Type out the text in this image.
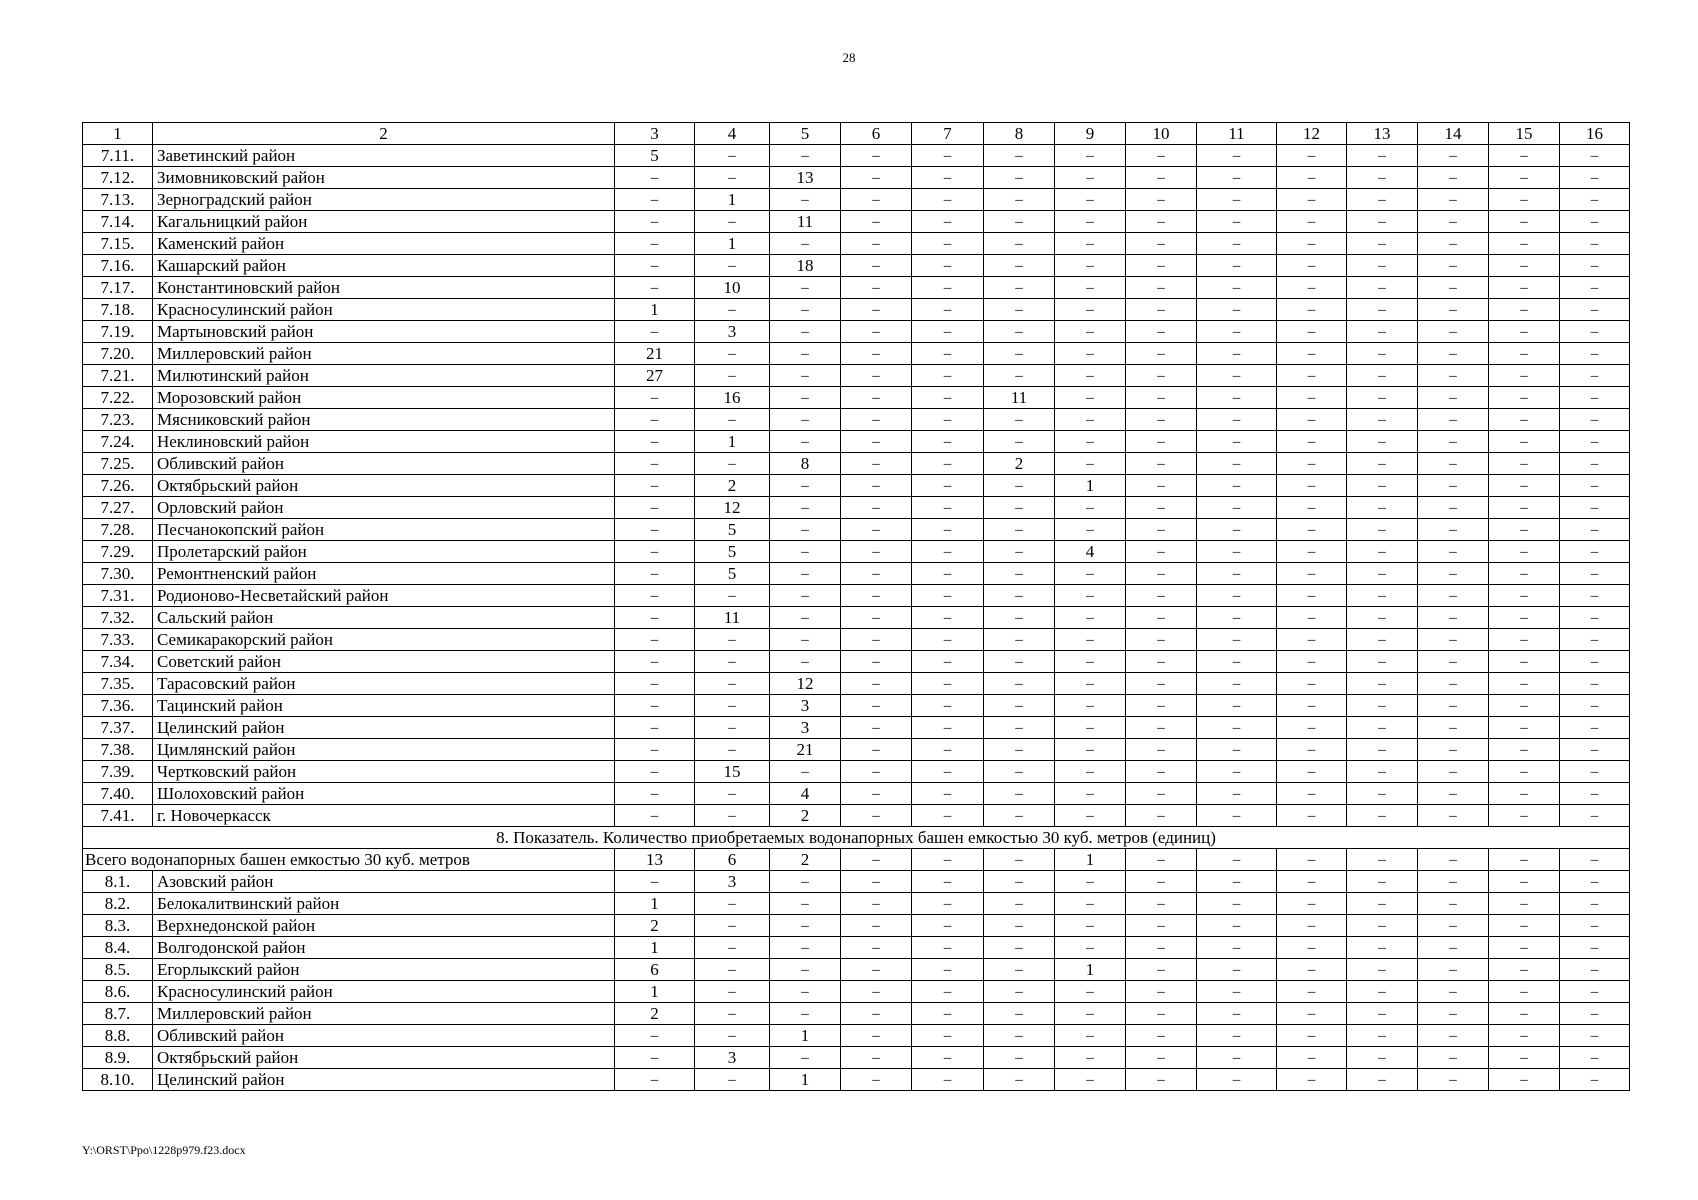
28
1	2	3	4	5	6	7	8	9	10	11	12	13	14	15	16
7.11.	Заветинский район	5	–	–	–	–	–	–	–	–	–	–	–	–	–
7.12.	Зимовниковский район	–	–	13	–	–	–	–	–	–	–	–	–	–	–
7.13.	Зерноградский район	–	1	–	–	–	–	–	–	–	–	–	–	–	–
7.14.	Кагальницкий район	–	–	11	–	–	–	–	–	–	–	–	–	–	–
7.15.	Каменский район	–	1	–	–	–	–	–	–	–	–	–	–	–	–
7.16.	Кашарский район	–	–	18	–	–	–	–	–	–	–	–	–	–	–
7.17.	Константиновский район	–	10	–	–	–	–	–	–	–	–	–	–	–	–
7.18.	Красносулинский район	1	–	–	–	–	–	–	–	–	–	–	–	–	–
7.19.	Мартыновский район	–	3	–	–	–	–	–	–	–	–	–	–	–	–
7.20.	Миллеровский район	21	–	–	–	–	–	–	–	–	–	–	–	–	–
7.21.	Милютинский район	27	–	–	–	–	–	–	–	–	–	–	–	–	–
7.22.	Морозовский район	–	16	–	–	–	11	–	–	–	–	–	–	–	–
7.23.	Мясниковский район	–	–	–	–	–	–	–	–	–	–	–	–	–	–
7.24.	Неклиновский район	–	1	–	–	–	–	–	–	–	–	–	–	–	–
7.25.	Обливский район	–	–	8	–	–	2	–	–	–	–	–	–	–	–
7.26.	Октябрьский район	–	2	–	–	–	–	1	–	–	–	–	–	–	–
7.27.	Орловский район	–	12	–	–	–	–	–	–	–	–	–	–	–	–
7.28.	Песчанокопский район	–	5	–	–	–	–	–	–	–	–	–	–	–	–
7.29.	Пролетарский район	–	5	–	–	–	–	4	–	–	–	–	–	–	–
7.30.	Ремонтненский район	–	5	–	–	–	–	–	–	–	–	–	–	–	–
7.31.	Родионово-Несветайский район	–	–	–	–	–	–	–	–	–	–	–	–	–	–
7.32.	Сальский район	–	11	–	–	–	–	–	–	–	–	–	–	–	–
7.33.	Семикаракорский район	–	–	–	–	–	–	–	–	–	–	–	–	–	–
7.34.	Советский район	–	–	–	–	–	–	–	–	–	–	–	–	–	–
7.35.	Тарасовский район	–	–	12	–	–	–	–	–	–	–	–	–	–	–
7.36.	Тацинский район	–	–	3	–	–	–	–	–	–	–	–	–	–	–
7.37.	Целинский район	–	–	3	–	–	–	–	–	–	–	–	–	–	–
7.38.	Цимлянский район	–	–	21	–	–	–	–	–	–	–	–	–	–	–
7.39.	Чертковский район	–	15	–	–	–	–	–	–	–	–	–	–	–	–
7.40.	Шолоховский район	–	–	4	–	–	–	–	–	–	–	–	–	–	–
7.41.	г. Новочеркасск	–	–	2	–	–	–	–	–	–	–	–	–	–	–
8. Показатель. Количество приобретаемых водонапорных башен емкостью 30 куб. метров (единиц)															
Всего водонапорных башен емкостью 30 куб. метров		13	6	2	–	–	–	1	–	–	–	–	–	–	–
8.1.	Азовский район	–	3	–	–	–	–	–	–	–	–	–	–	–	–
8.2.	Белокалитвинский район	1	–	–	–	–	–	–	–	–	–	–	–	–	–
8.3.	Верхнедонской район	2	–	–	–	–	–	–	–	–	–	–	–	–	–
8.4.	Волгодонской район	1	–	–	–	–	–	–	–	–	–	–	–	–	–
8.5.	Егорлыкский район	6	–	–	–	–	–	1	–	–	–	–	–	–	–
8.6.	Красносулинский район	1	–	–	–	–	–	–	–	–	–	–	–	–	–
8.7.	Миллеровский район	2	–	–	–	–	–	–	–	–	–	–	–	–	–
8.8.	Обливский район	–	–	1	–	–	–	–	–	–	–	–	–	–	–
8.9.	Октябрьский район	–	3	–	–	–	–	–	–	–	–	–	–	–	–
8.10.	Целинский район	–	–	1	–	–	–	–	–	–	–	–	–	–	–
Y:\ORST\Ppo\1228p979.f23.docx
